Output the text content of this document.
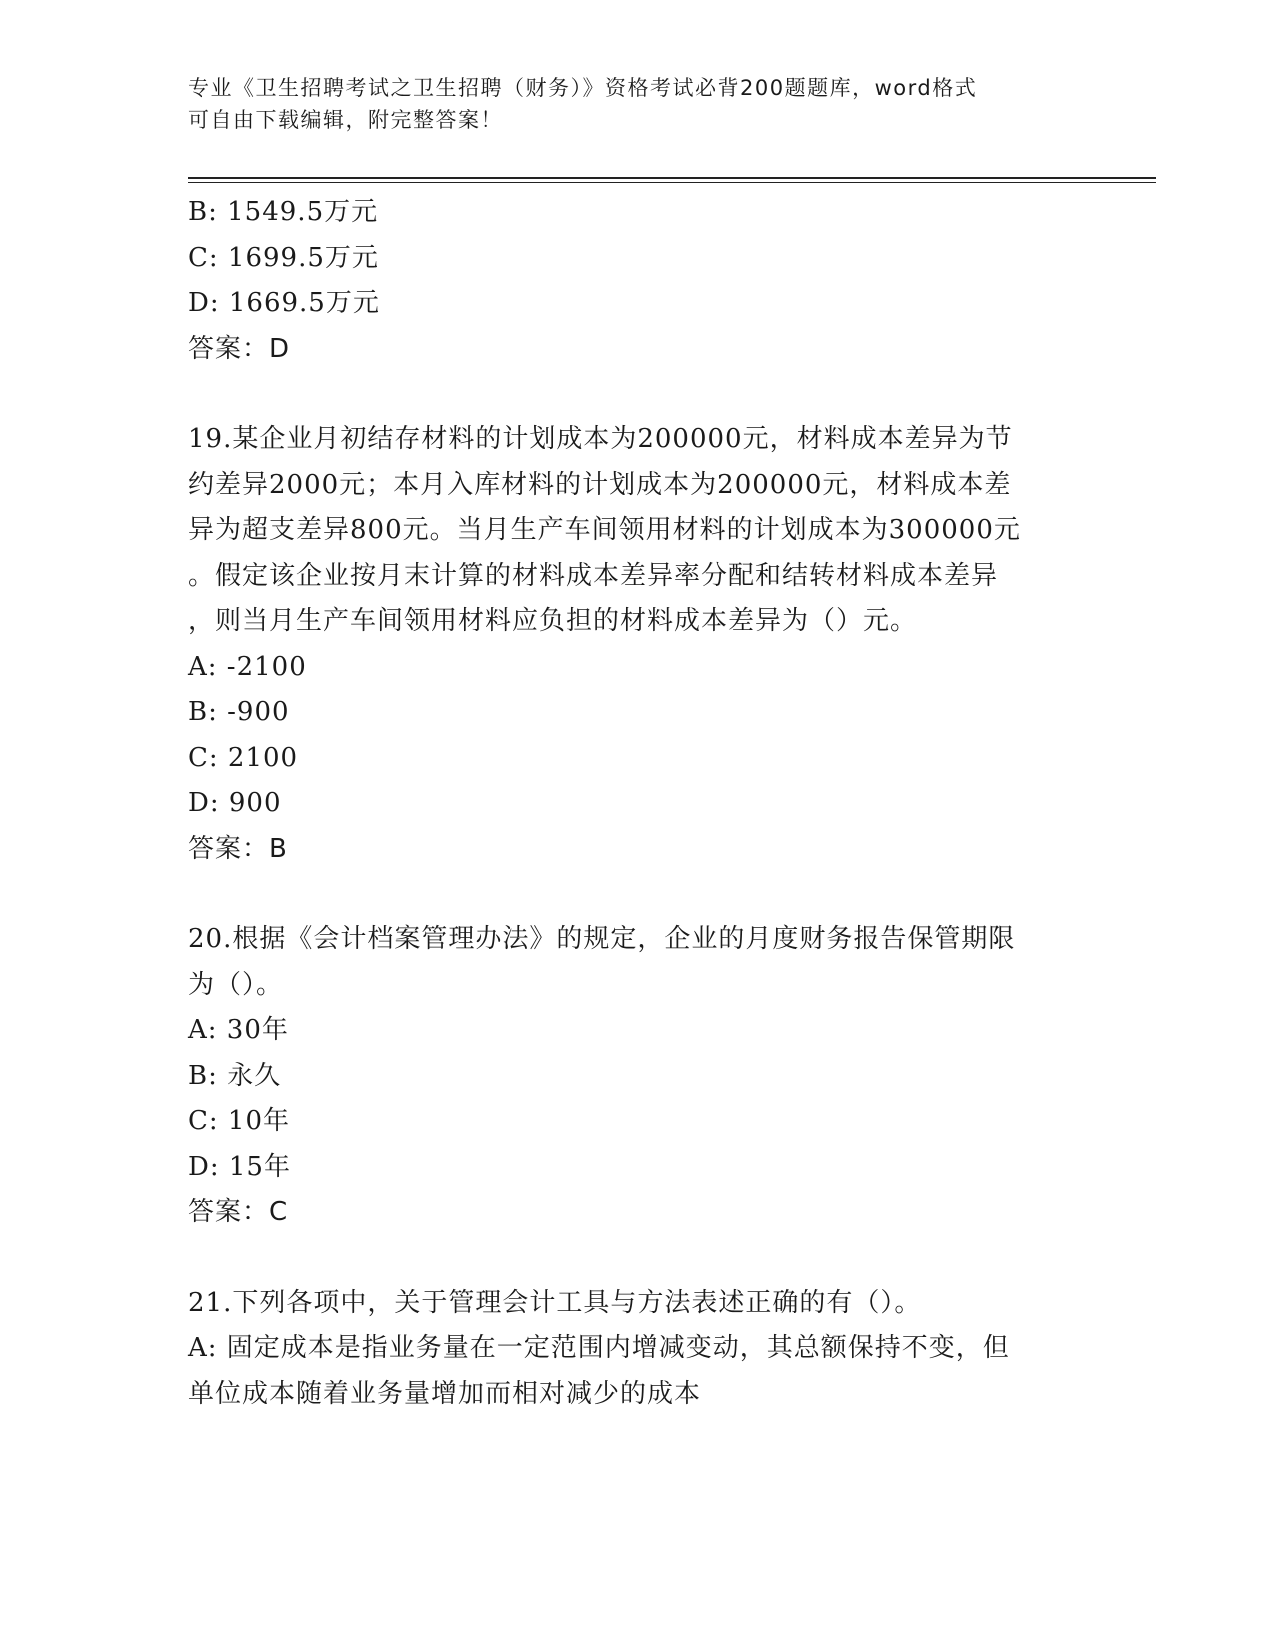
专业《卫生招聘考试之卫生招聘（财务）》资格考试必背200题题库，word格式
可自由下载编辑，附完整答案！
B: 1549.5万元
C: 1699.5万元
D: 1669.5万元
答案：D
19.某企业月初结存材料的计划成本为200000元，材料成本差异为节
约差异2000元；本月入库材料的计划成本为200000元，材料成本差
异为超支差异800元。当月生产车间领用材料的计划成本为300000元
。假定该企业按月末计算的材料成本差异率分配和结转材料成本差异
，则当月生产车间领用材料应负担的材料成本差异为（）元。
A: -2100
B: -900
C: 2100
D: 900
答案：B
20.根据《会计档案管理办法》的规定，企业的月度财务报告保管期限
为（）。
A: 30年
B: 永久
C: 10年
D: 15年
答案：C
21.下列各项中，关于管理会计工具与方法表述正确的有（）。
A: 固定成本是指业务量在一定范围内增减变动，其总额保持不变，但
单位成本随着业务量增加而相对减少的成本
